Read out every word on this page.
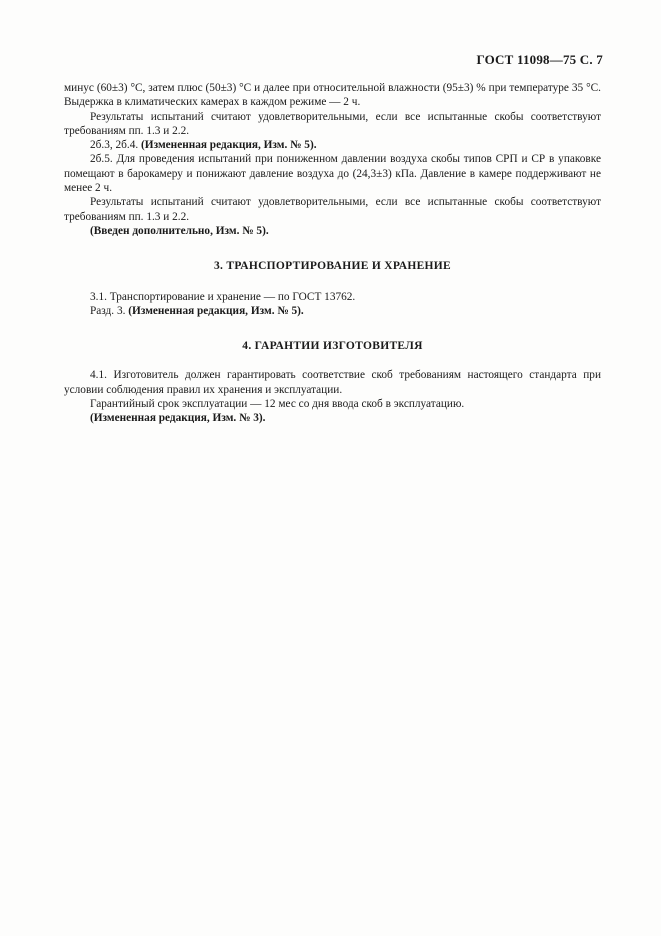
ГОСТ 11098—75 С. 7

минус (60±3) °С, затем плюс (50±3) °С и далее при относительной влажности (95±3) % при температуре 35 °С. Выдержка в климатических камерах в каждом режиме — 2 ч.

Результаты испытаний считают удовлетворительными, если все испытанные скобы соответствуют требованиям пп. 1.3 и 2.2.

2б.3, 2б.4. (Измененная редакция, Изм. № 5).

2б.5. Для проведения испытаний при пониженном давлении воздуха скобы типов СРП и СР в упаковке помещают в барокамеру и понижают давление воздуха до (24,3±3) кПа. Давление в камере поддерживают не менее 2 ч.

Результаты испытаний считают удовлетворительными, если все испытанные скобы соответствуют требованиям пп. 1.3 и 2.2.

(Введен дополнительно, Изм. № 5).

3. ТРАНСПОРТИРОВАНИЕ И ХРАНЕНИЕ

3.1. Транспортирование и хранение — по ГОСТ 13762.

Разд. 3. (Измененная редакция, Изм. № 5).

4. ГАРАНТИИ ИЗГОТОВИТЕЛЯ

4.1. Изготовитель должен гарантировать соответствие скоб требованиям настоящего стандарта при условии соблюдения правил их хранения и эксплуатации.

Гарантийный срок эксплуатации — 12 мес со дня ввода скоб в эксплуатацию.

(Измененная редакция, Изм. № 3).
